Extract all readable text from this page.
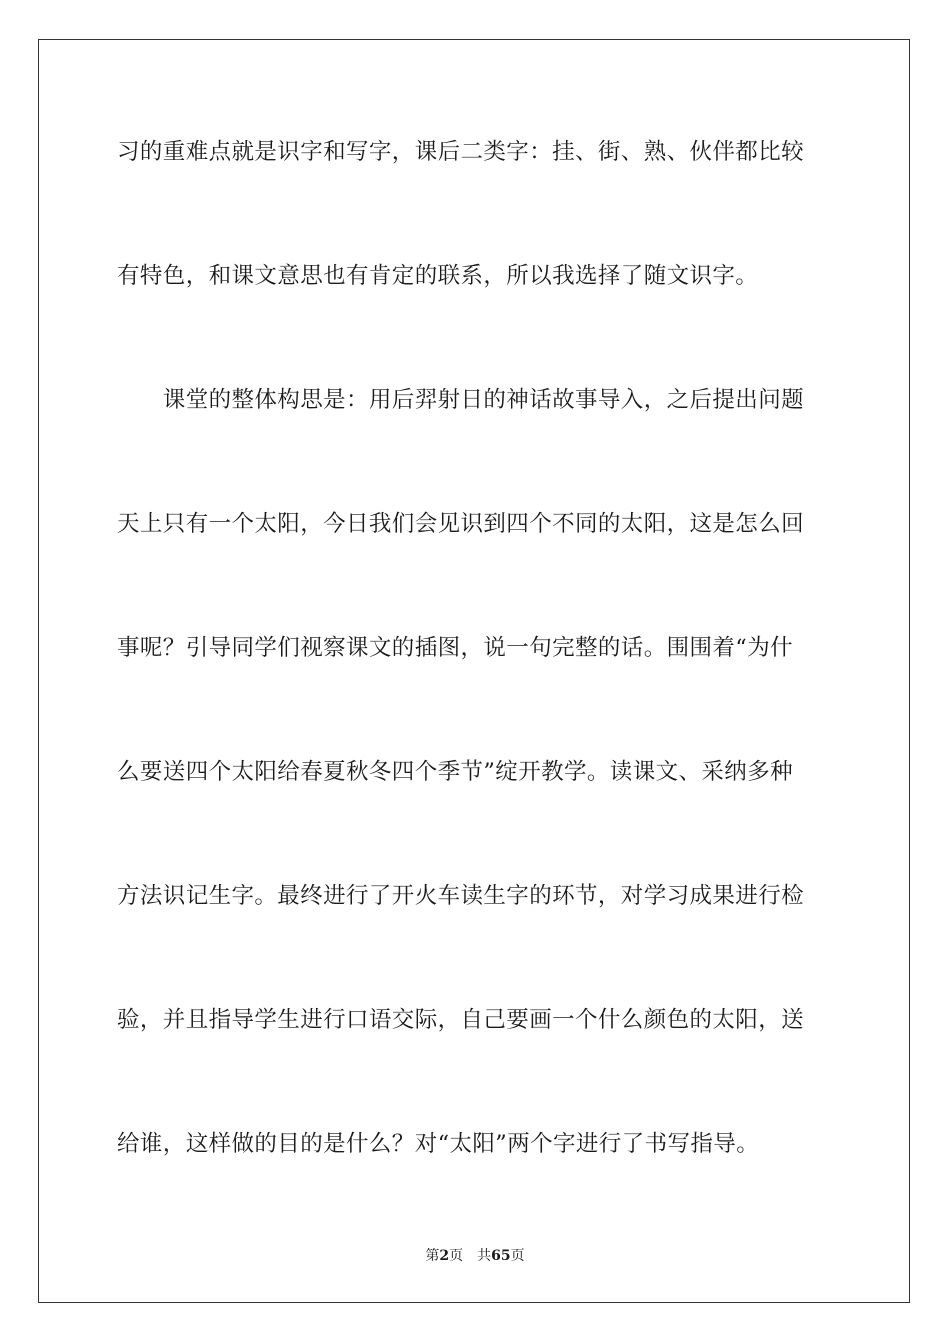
习的重难点就是识字和写字，课后二类字：挂、街、熟、伙伴都比较
有特色，和课文意思也有肯定的联系，所以我选择了随文识字。
　　课堂的整体构思是：用后羿射日的神话故事导入，之后提出问题
天上只有一个太阳，今日我们会见识到四个不同的太阳，这是怎么回
事呢？引导同学们视察课文的插图，说一句完整的话。围围着“为什
么要送四个太阳给春夏秋冬四个季节”绽开教学。读课文、采纳多种
方法识记生字。最终进行了开火车读生字的环节，对学习成果进行检
验，并且指导学生进行口语交际，自己要画一个什么颜色的太阳，送
给谁，这样做的目的是什么？对“太阳”两个字进行了书写指导。
第2页 共65页
